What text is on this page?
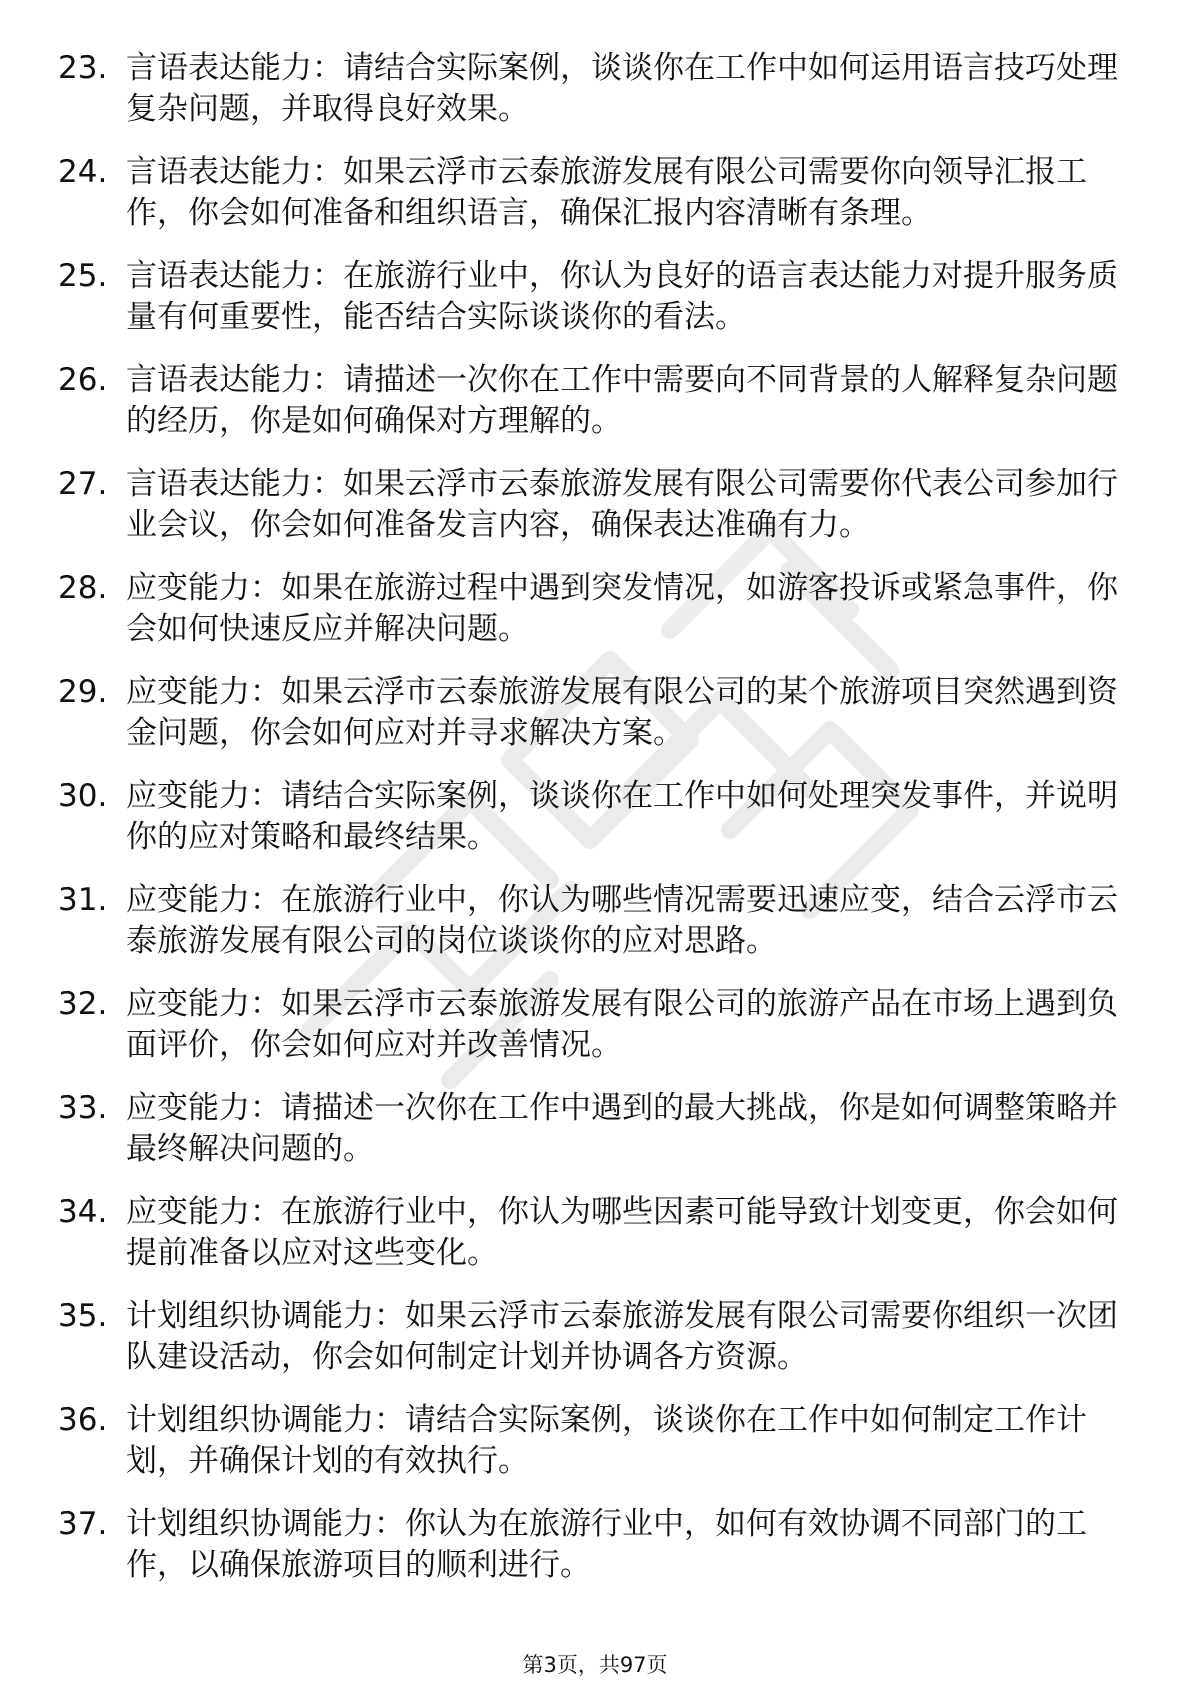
23. 言语表达能力：请结合实际案例，谈谈你在工作中如何运用语言技巧处理复杂问题，并取得良好效果。
24. 言语表达能力：如果云浮市云泰旅游发展有限公司需要你向领导汇报工作，你会如何准备和组织语言，确保汇报内容清晰有条理。
25. 言语表达能力：在旅游行业中，你认为良好的语言表达能力对提升服务质量有何重要性，能否结合实际谈谈你的看法。
26. 言语表达能力：请描述一次你在工作中需要向不同背景的人解释复杂问题的经历，你是如何确保对方理解的。
27. 言语表达能力：如果云浮市云泰旅游发展有限公司需要你代表公司参加行业会议，你会如何准备发言内容，确保表达准确有力。
28. 应变能力：如果在旅游过程中遇到突发情况，如游客投诉或紧急事件，你会如何快速反应并解决问题。
29. 应变能力：如果云浮市云泰旅游发展有限公司的某个旅游项目突然遇到资金问题，你会如何应对并寻求解决方案。
30. 应变能力：请结合实际案例，谈谈你在工作中如何处理突发事件，并说明你的应对策略和最终结果。
31. 应变能力：在旅游行业中，你认为哪些情况需要迅速应变，结合云浮市云泰旅游发展有限公司的岗位谈谈你的应对思路。
32. 应变能力：如果云浮市云泰旅游发展有限公司的旅游产品在市场上遇到负面评价，你会如何应对并改善情况。
33. 应变能力：请描述一次你在工作中遇到的最大挑战，你是如何调整策略并最终解决问题的。
34. 应变能力：在旅游行业中，你认为哪些因素可能导致计划变更，你会如何提前准备以应对这些变化。
35. 计划组织协调能力：如果云浮市云泰旅游发展有限公司需要你组织一次团队建设活动，你会如何制定计划并协调各方资源。
36. 计划组织协调能力：请结合实际案例，谈谈你在工作中如何制定工作计划，并确保计划的有效执行。
37. 计划组织协调能力：你认为在旅游行业中，如何有效协调不同部门的工作，以确保旅游项目的顺利进行。
第3页，共97页
